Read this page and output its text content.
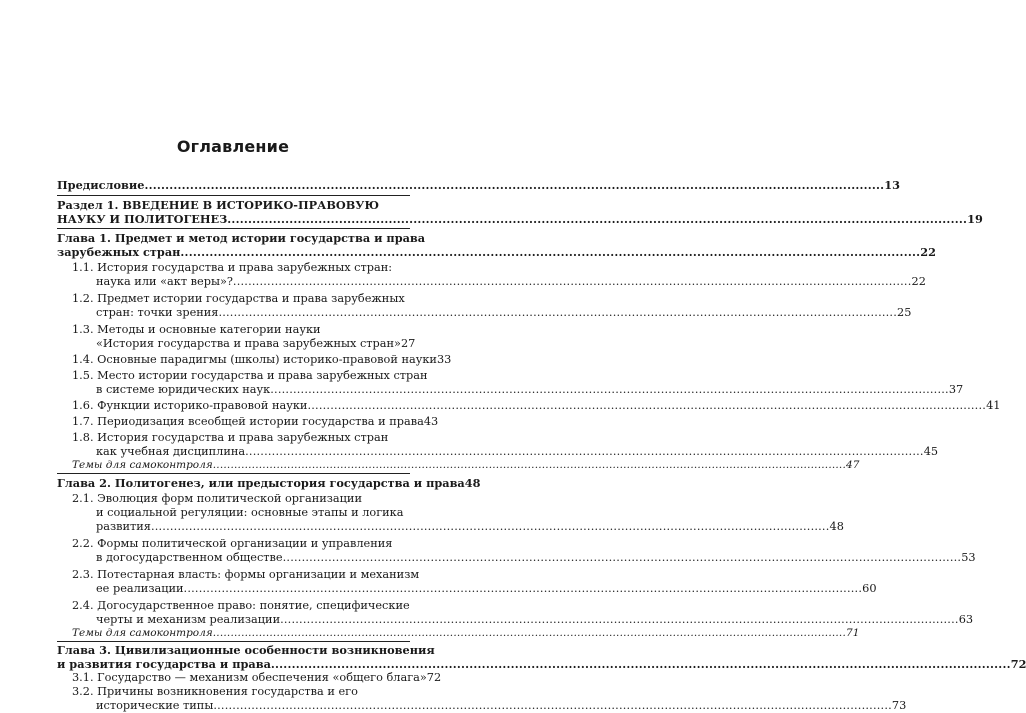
Оглавление
Предисловие .....	13
Раздел 1. ВВЕДЕНИЕ В ИСТОРИКО-ПРАВОВУЮ
НАУКУ И ПОЛИТОГЕНЕЗ .....	19
Глава 1. Предмет и метод истории государства и права
зарубежных стран .....	22
1.1. История государства и права зарубежных стран:
наука или «акт веры»? .....	22
1.2. Предмет истории государства и права зарубежных
стран: точки зрения .....	25
1.3. Методы и основные категории науки
«История государства и права зарубежных стран» 27
1.4. Основные парадигмы (школы) историко-правовой науки 33
1.5. Место истории государства и права зарубежных стран
в системе юридических наук .....	37
1.6. Функции историко-правовой науки .....	41
1.7. Периодизация всеобщей истории государства и права 43
1.8. История государства и права зарубежных стран
как учебная дисциплина .....	45
Темы для самоконтроля .....	47
Глава 2. Политогенез, или предыстория государства и права 48
2.1. Эволюция форм политической организации
и социальной регуляции: основные этапы и логика
развития .....	48
2.2. Формы политической организации и управления
в догосударственном обществе .....	53
2.3. Потестарная власть: формы организации и механизм
ее реализации .....	60
2.4. Догосударственное право: понятие, специфические
черты и механизм реализации .....	63
Темы для самоконтроля .....	71
Глава 3. Цивилизационные особенности возникновения
и развития государства и права .....	72
3.1. Государство — механизм обеспечения «общего блага» 72
3.2. Причины возникновения государства и его
исторические типы .....	73
